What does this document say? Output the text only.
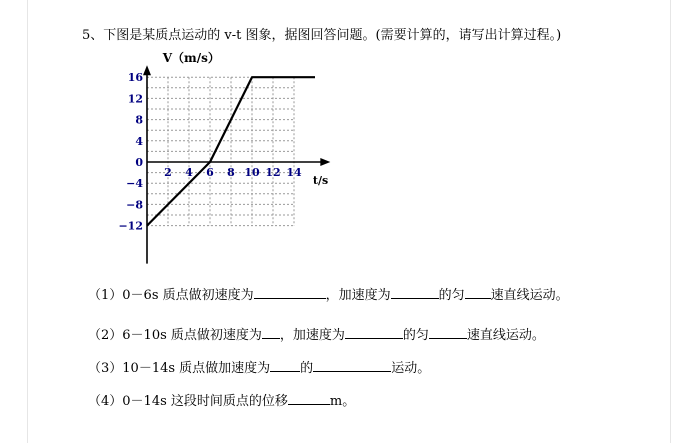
5、下图是某质点运动的 v-t 图象，据图回答问题。(需要计算的，请写出计算过程。)
V（m/s）
t/s
16
12
8
4
0
−4
−8
−12
2 4 6 8 10 12 14
（1）0－6s 质点做初速度为	，加速度为	的匀 速直线运动。
（2）6－10s 质点做初速度为 ，加速度为	的匀	速直线运动。
（3）10－14s 质点做加速度为 的	运动。
（4）0－14s 这段时间质点的位移	m。
